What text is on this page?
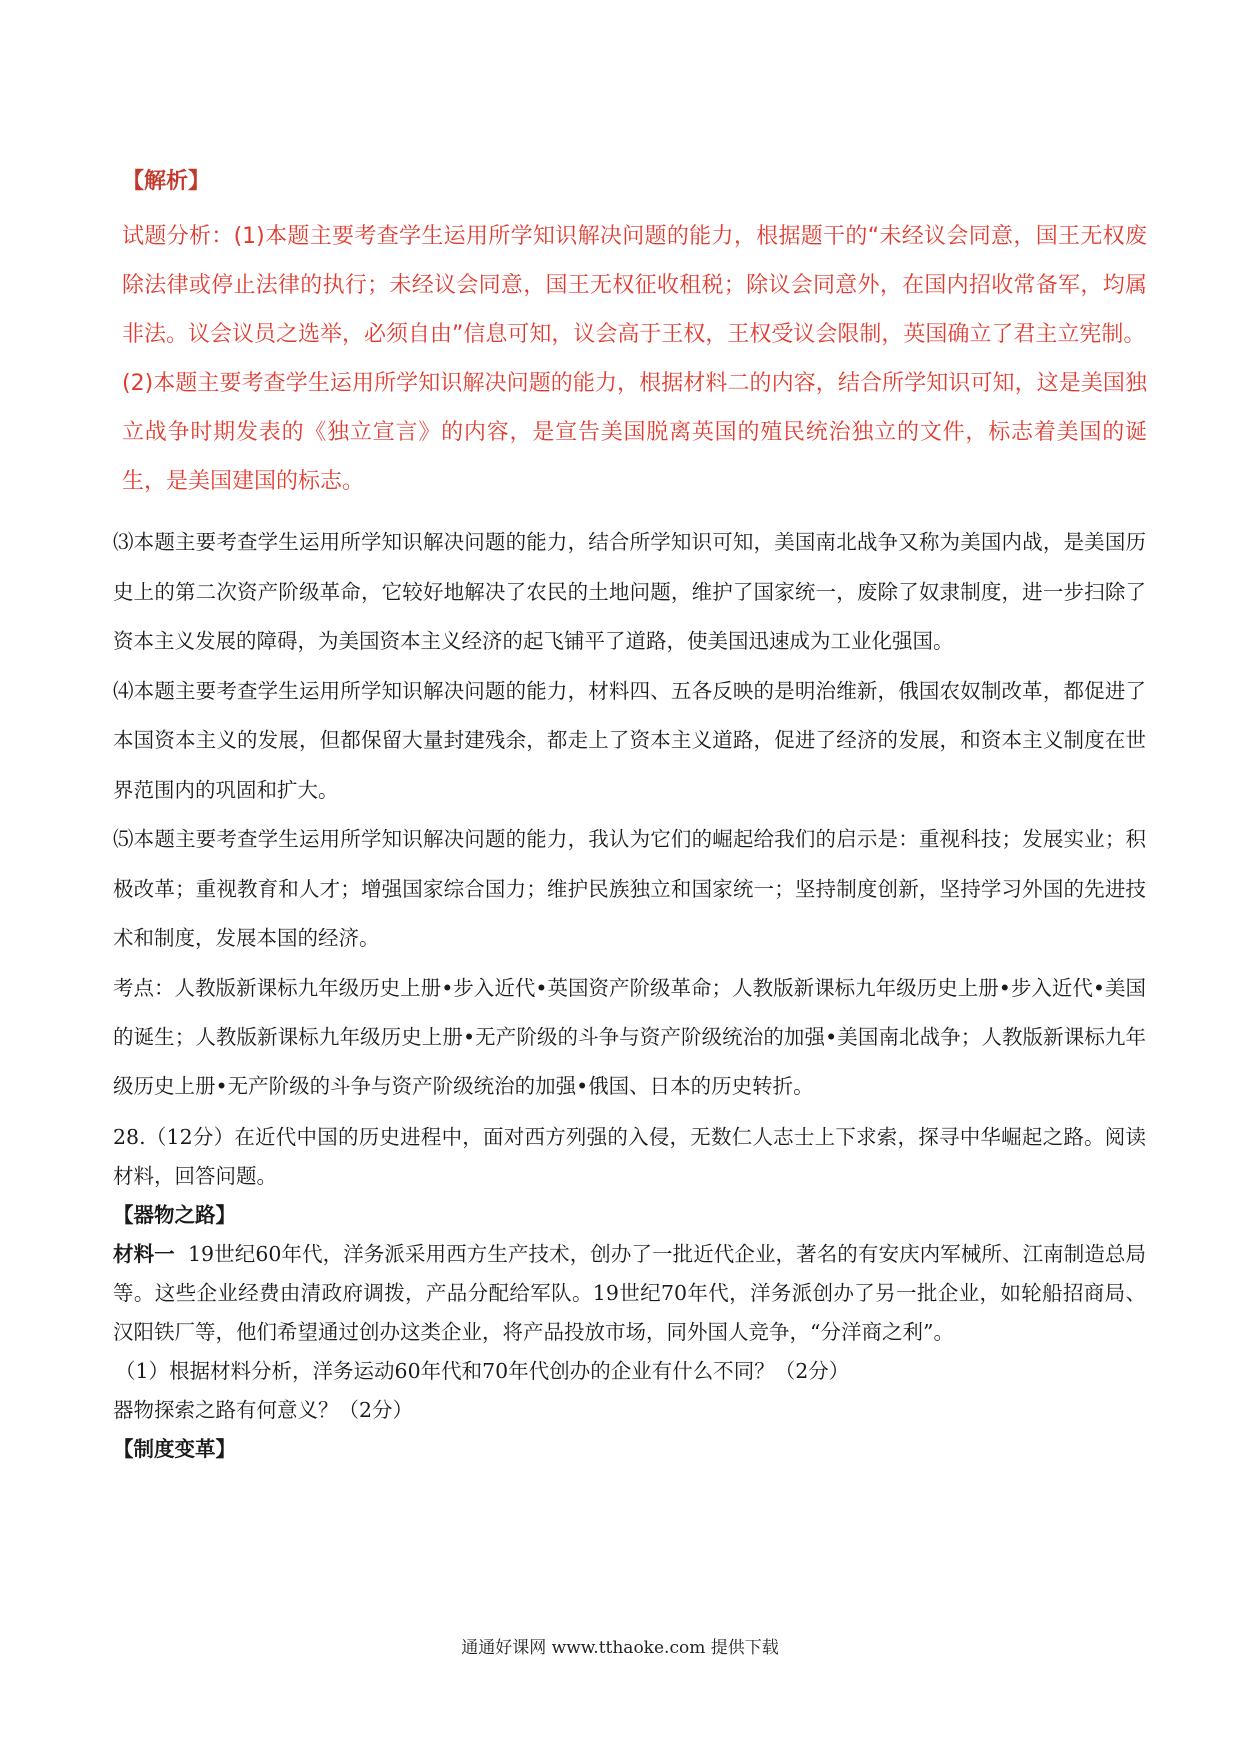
【解析】

试题分析：(1)本题主要考查学生运用所学知识解决问题的能力，根据题干的“未经议会同意，国王无权废除法律或停止法律的执行；未经议会同意，国王无权征收租税；除议会同意外，在国内招收常备军，均属非法。议会议员之选举，必须自由”信息可知，议会高于王权，王权受议会限制，英国确立了君主立宪制。

(2)本题主要考查学生运用所学知识解决问题的能力，根据材料二的内容，结合所学知识可知，这是美国独立战争时期发表的《独立宣言》的内容，是宣告美国脱离英国的殖民统治独立的文件，标志着美国的诞生，是美国建国的标志。

⑶本题主要考查学生运用所学知识解决问题的能力，结合所学知识可知，美国南北战争又称为美国内战，是美国历史上的第二次资产阶级革命，它较好地解决了农民的土地问题，维护了国家统一，废除了奴隶制度，进一步扫除了资本主义发展的障碍，为美国资本主义经济的起飞铺平了道路，使美国迅速成为工业化强国。

⑷本题主要考查学生运用所学知识解决问题的能力，材料四、五各反映的是明治维新，俄国农奴制改革，都促进了本国资本主义的发展，但都保留大量封建残余，都走上了资本主义道路，促进了经济的发展，和资本主义制度在世界范围内的巩固和扩大。

⑸本题主要考查学生运用所学知识解决问题的能力，我认为它们的崛起给我们的启示是：重视科技；发展实业；积极改革；重视教育和人才；增强国家综合国力；维护民族独立和国家统一；坚持制度创新，坚持学习外国的先进技术和制度，发展本国的经济。

考点：人教版新课标九年级历史上册•步入近代•英国资产阶级革命；人教版新课标九年级历史上册•步入近代•美国的诞生；人教版新课标九年级历史上册•无产阶级的斗争与资产阶级统治的加强•美国南北战争；人教版新课标九年级历史上册•无产阶级的斗争与资产阶级统治的加强•俄国、日本的历史转折。

28.（12分）在近代中国的历史进程中，面对西方列强的入侵，无数仁人志士上下求索，探寻中华崛起之路。阅读材料，回答问题。

【器物之路】

材料一 19世纪60年代，洋务派采用西方生产技术，创办了一批近代企业，著名的有安庆内军械所、江南制造总局等。这些企业经费由清政府调拨，产品分配给军队。19世纪70年代，洋务派创办了另一批企业，如轮船招商局、汉阳铁厂等，他们希望通过创办这类企业，将产品投放市场，同外国人竞争，“分洋商之利”。

（1）根据材料分析，洋务运动60年代和70年代创办的企业有什么不同？（2分）

器物探索之路有何意义？（2分）

【制度变革】

通通好课网 www.tthaoke.com 提供下载
